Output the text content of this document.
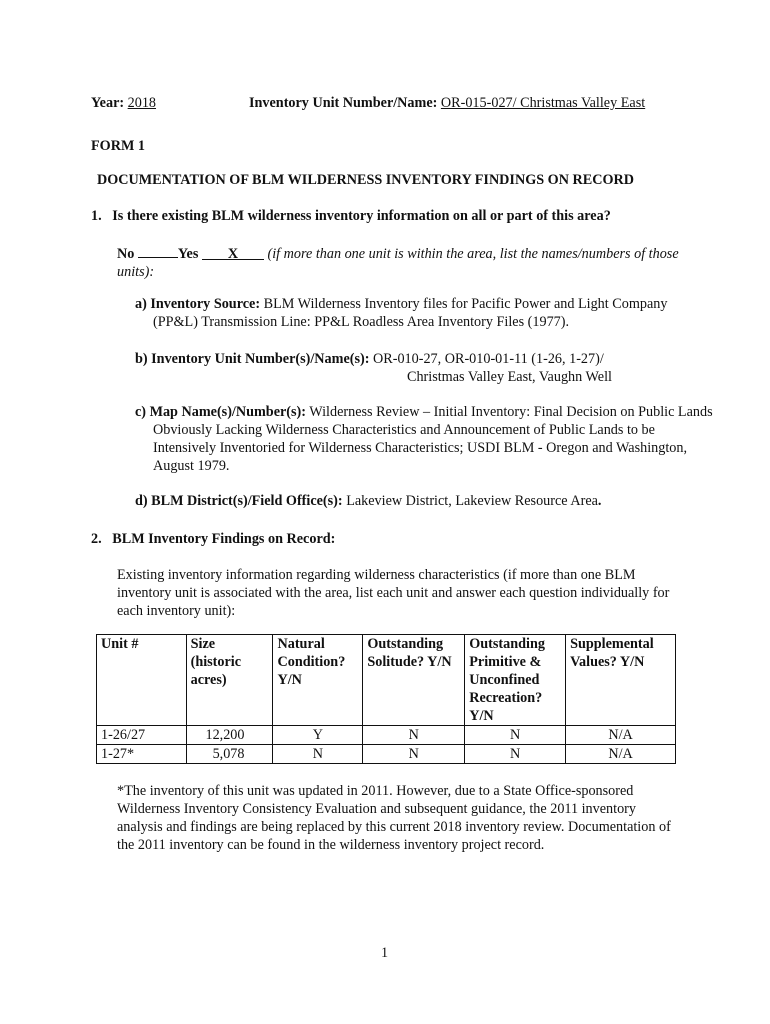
Year: 2018	Inventory Unit Number/Name: OR-015-027/ Christmas Valley East
FORM 1
DOCUMENTATION OF BLM WILDERNESS INVENTORY FINDINGS ON RECORD
1. Is there existing BLM wilderness inventory information on all or part of this area?
No	Yes X (if more than one unit is within the area, list the names/numbers of those units):
a) Inventory Source: BLM Wilderness Inventory files for Pacific Power and Light Company (PP&L) Transmission Line: PP&L Roadless Area Inventory Files (1977).
b) Inventory Unit Number(s)/Name(s): OR-010-27, OR-010-01-11 (1-26, 1-27)/
Christmas Valley East, Vaughn Well
c) Map Name(s)/Number(s): Wilderness Review – Initial Inventory: Final Decision on Public Lands Obviously Lacking Wilderness Characteristics and Announcement of Public Lands to be Intensively Inventoried for Wilderness Characteristics; USDI BLM - Oregon and Washington, August 1979.
d) BLM District(s)/Field Office(s): Lakeview District, Lakeview Resource Area.
2. BLM Inventory Findings on Record:
Existing inventory information regarding wilderness characteristics (if more than one BLM inventory unit is associated with the area, list each unit and answer each question individually for each inventory unit):
Unit #	Size (historic acres)	Natural Condition? Y/N	Outstanding Solitude? Y/N	Outstanding Primitive & Unconfined Recreation? Y/N	Supplemental Values? Y/N
1-26/27	12,200	Y	N	N	N/A
1-27*	5,078	N	N	N	N/A
*The inventory of this unit was updated in 2011. However, due to a State Office-sponsored Wilderness Inventory Consistency Evaluation and subsequent guidance, the 2011 inventory analysis and findings are being replaced by this current 2018 inventory review. Documentation of the 2011 inventory can be found in the wilderness inventory project record.
1
